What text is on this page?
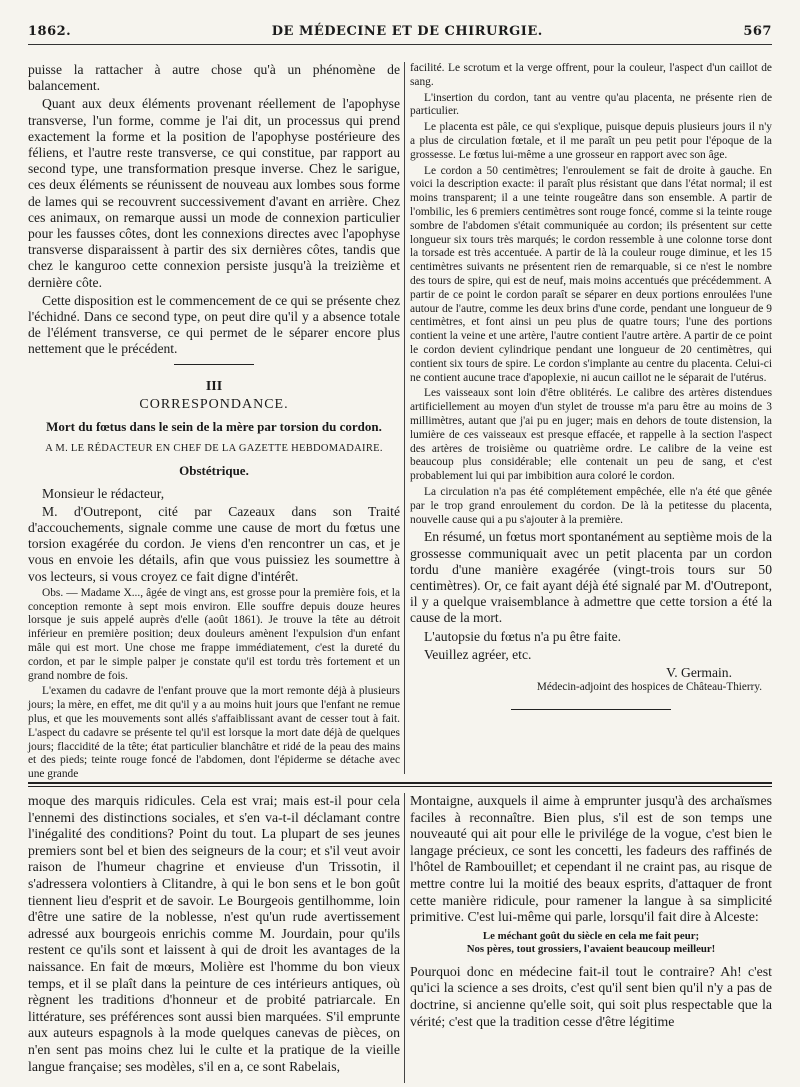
1862.	DE MÉDECINE ET DE CHIRURGIE.	567

puisse la rattacher à autre chose qu'à un phénomène de balancement.

Quant aux deux éléments provenant réellement de l'apophyse transverse, l'un forme, comme je l'ai dit, un processus qui prend exactement la forme et la position de l'apophyse postérieure des féliens, et l'autre reste transverse, ce qui constitue, par rapport au second type, une transformation presque inverse. Chez le sarigue, ces deux éléments se réunissent de nouveau aux lombes sous forme de lames qui se recouvrent successivement d'avant en arrière. Chez ces animaux, on remarque aussi un mode de connexion particulier pour les fausses côtes, dont les connexions directes avec l'apophyse transverse disparaissent à partir des six dernières côtes, tandis que chez le kanguroo cette connexion persiste jusqu'à la treizième et dernière côte.

Cette disposition est le commencement de ce qui se présente chez l'échidné. Dans ce second type, on peut dire qu'il y a absence totale de l'élément transverse, ce qui permet de le séparer encore plus nettement que le précédent.

III
CORRESPONDANCE.
Mort du fœtus dans le sein de la mère par torsion du cordon.
A M. LE RÉDACTEUR EN CHEF DE LA GAZETTE HEBDOMADAIRE.
Obstétrique.

Monsieur le rédacteur,

M. d'Outrepont, cité par Cazeaux dans son Traité d'accouchements, signale comme une cause de mort du fœtus une torsion exagérée du cordon. Je viens d'en rencontrer un cas, et je vous en envoie les détails, afin que vous puissiez les soumettre à vos lecteurs, si vous croyez ce fait digne d'intérêt.

Obs. — Madame X..., âgée de vingt ans, est grosse pour la première fois, et la conception remonte à sept mois environ. Elle souffre depuis douze heures lorsque je suis appelé auprès d'elle (août 1861). Je trouve la tête au détroit inférieur en première position; deux douleurs amènent l'expulsion d'un enfant mâle qui est mort. Une chose me frappe immédiatement, c'est la dureté du cordon, et par le simple palper je constate qu'il est tordu très fortement et un grand nombre de fois.

L'examen du cadavre de l'enfant prouve que la mort remonte déjà à plusieurs jours; la mère, en effet, me dit qu'il y a au moins huit jours que l'enfant ne remue plus, et que les mouvements sont allés s'affaiblissant avant de cesser tout à fait. L'aspect du cadavre se présente tel qu'il est lorsque la mort date déjà de quelques jours; flaccidité de la tête; état particulier blanchâtre et ridé de la peau des mains et des pieds; teinte rouge foncé de l'abdomen, dont l'épiderme se détache avec une grande

facilité. Le scrotum et la verge offrent, pour la couleur, l'aspect d'un caillot de sang.

L'insertion du cordon, tant au ventre qu'au placenta, ne présente rien de particulier.

Le placenta est pâle, ce qui s'explique, puisque depuis plusieurs jours il n'y a plus de circulation fœtale, et il me paraît un peu petit pour l'époque de la grossesse. Le fœtus lui-même a une grosseur en rapport avec son âge.

Le cordon a 50 centimètres; l'enroulement se fait de droite à gauche. En voici la description exacte: il paraît plus résistant que dans l'état normal; il est moins transparent; il a une teinte rougeâtre dans son ensemble. A partir de l'ombilic, les 6 premiers centimètres sont rouge foncé, comme si la teinte rouge sombre de l'abdomen s'était communiquée au cordon; ils présentent sur cette longueur six tours très marqués; le cordon ressemble à une colonne torse dont la torsade est très accentuée. A partir de là la couleur rouge diminue, et les 15 centimètres suivants ne présentent rien de remarquable, si ce n'est le nombre des tours de spire, qui est de neuf, mais moins accentués que précédemment. A partir de ce point le cordon paraît se séparer en deux portions enroulées l'une autour de l'autre, comme les deux brins d'une corde, pendant une longueur de 9 centimètres, et font ainsi un peu plus de quatre tours; l'une des portions contient la veine et une artère, l'autre contient l'autre artère. A partir de ce point le cordon devient cylindrique pendant une longueur de 20 centimètres, qui contient six tours de spire. Le cordon s'implante au centre du placenta. Celui-ci ne contient aucune trace d'apoplexie, ni aucun caillot ne le séparait de l'utérus.

Les vaisseaux sont loin d'être oblitérés. Le calibre des artères distendues artificiellement au moyen d'un stylet de trousse m'a paru être au moins de 3 millimètres, autant que j'ai pu en juger; mais en dehors de toute distension, la lumière de ces vaisseaux est presque effacée, et rappelle à la section l'aspect des artères de troisième ou quatrième ordre. Le calibre de la veine est beaucoup plus considérable; elle contenait un peu de sang, et c'est probablement lui qui par imbibition aura coloré le cordon.

La circulation n'a pas été complétement empêchée, elle n'a été que gênée par le trop grand enroulement du cordon. De là la petitesse du placenta, nouvelle cause qui a pu s'ajouter à la première.

En résumé, un fœtus mort spontanément au septième mois de la grossesse communiquait avec un petit placenta par un cordon tordu d'une manière exagérée (vingt-trois tours sur 50 centimètres). Or, ce fait ayant déjà été signalé par M. d'Outrepont, il y a quelque vraisemblance à admettre que cette torsion a été la cause de la mort.

L'autopsie du fœtus n'a pu être faite.

Veuillez agréer, etc.

V. Germain.
Médecin-adjoint des hospices de Château-Thierry.

moque des marquis ridicules. Cela est vrai; mais est-il pour cela l'ennemi des distinctions sociales, et s'en va-t-il déclamant contre l'inégalité des conditions? Point du tout. La plupart de ses jeunes premiers sont bel et bien des seigneurs de la cour; et s'il veut avoir raison de l'humeur chagrine et envieuse d'un Trissotin, il s'adressera volontiers à Clitandre, à qui le bon sens et le bon goût tiennent lieu d'esprit et de savoir. Le Bourgeois gentilhomme, loin d'être une satire de la noblesse, n'est qu'un rude avertissement adressé aux bourgeois enrichis comme M. Jourdain, pour qu'ils restent ce qu'ils sont et laissent à qui de droit les avantages de la naissance. En fait de mœurs, Molière est l'homme du bon vieux temps, et il se plaît dans la peinture de ces intérieurs antiques, où règnent les traditions d'honneur et de probité patriarcale. En littérature, ses préférences sont aussi bien marquées. S'il emprunte aux auteurs espagnols à la mode quelques canevas de pièces, on n'en sent pas moins chez lui le culte et la pratique de la vieille langue française; ses modèles, s'il en a, ce sont Rabelais,

Montaigne, auxquels il aime à emprunter jusqu'à des archaïsmes faciles à reconnaître. Bien plus, s'il est de son temps une nouveauté qui ait pour elle le privilége de la vogue, c'est bien le langage précieux, ce sont les concetti, les fadeurs des raffinés de l'hôtel de Rambouillet; et cependant il ne craint pas, au risque de mettre contre lui la moitié des beaux esprits, d'attaquer de front cette manière ridicule, pour ramener la langue à sa simplicité primitive. C'est lui-même qui parle, lorsqu'il fait dire à Alceste:

Le méchant goût du siècle en cela me fait peur;
Nos pères, tout grossiers, l'avaient beaucoup meilleur!

Pourquoi donc en médecine fait-il tout le contraire? Ah! c'est qu'ici la science a ses droits, c'est qu'il sent bien qu'il n'y a pas de doctrine, si ancienne qu'elle soit, qui soit plus respectable que la vérité; c'est que la tradition cesse d'être légitime
